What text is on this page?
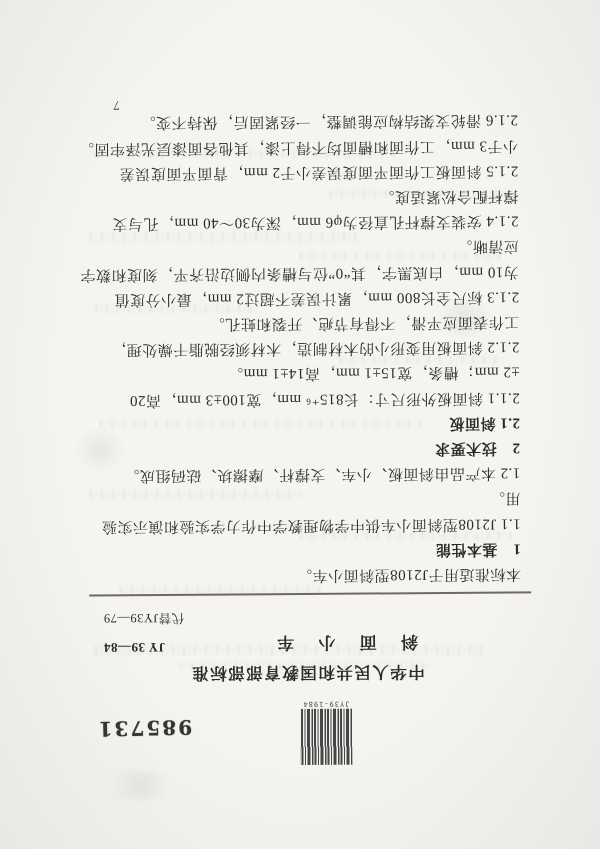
JY39-1984
985731
中华人民共和国教育部部标准
斜 面 小 车
JY 39—84
代替JY39—79
本标准适用于J2108型斜面小车。
1　基本性能
1.1 J2108型斜面小车供中学物理教学中作力学实验和演示实验
用。
1.2 本产品由斜面板、小车、支撑杆、摩擦块、砝码组成。
2　技术要求
2.1 斜面板
2.1.1 斜面板外形尺寸：长815⁺⁶ mm，宽100±3 mm，高20
±2 mm；槽条，宽15±1 mm，高14±1 mm。
2.1.2 斜面板用变形小的木材制造，木材须经脱脂干燥处理，
工作表面应平滑，不得有节疤、开裂和蛀孔。
2.1.3 标尺全长800 mm，累计误差不超过2 mm，最小分度值
为10 mm，白底黑字，其“0”位与槽条内侧边沿齐平，刻度和数字
应清晰。
2.1.4 安装支撑杆孔直径为φ6 mm，深为30～40 mm，孔与支
撑杆配合松紧适度。
2.1.5 斜面板工作面平面度误差小于2 mm，背面平面度误差
小于3 mm，工作面和槽面均不得上漆，其他各面漆层光泽牢固。
2.1.6 滑轮支架结构应能调整，一经紧固后，保持不变。
7
